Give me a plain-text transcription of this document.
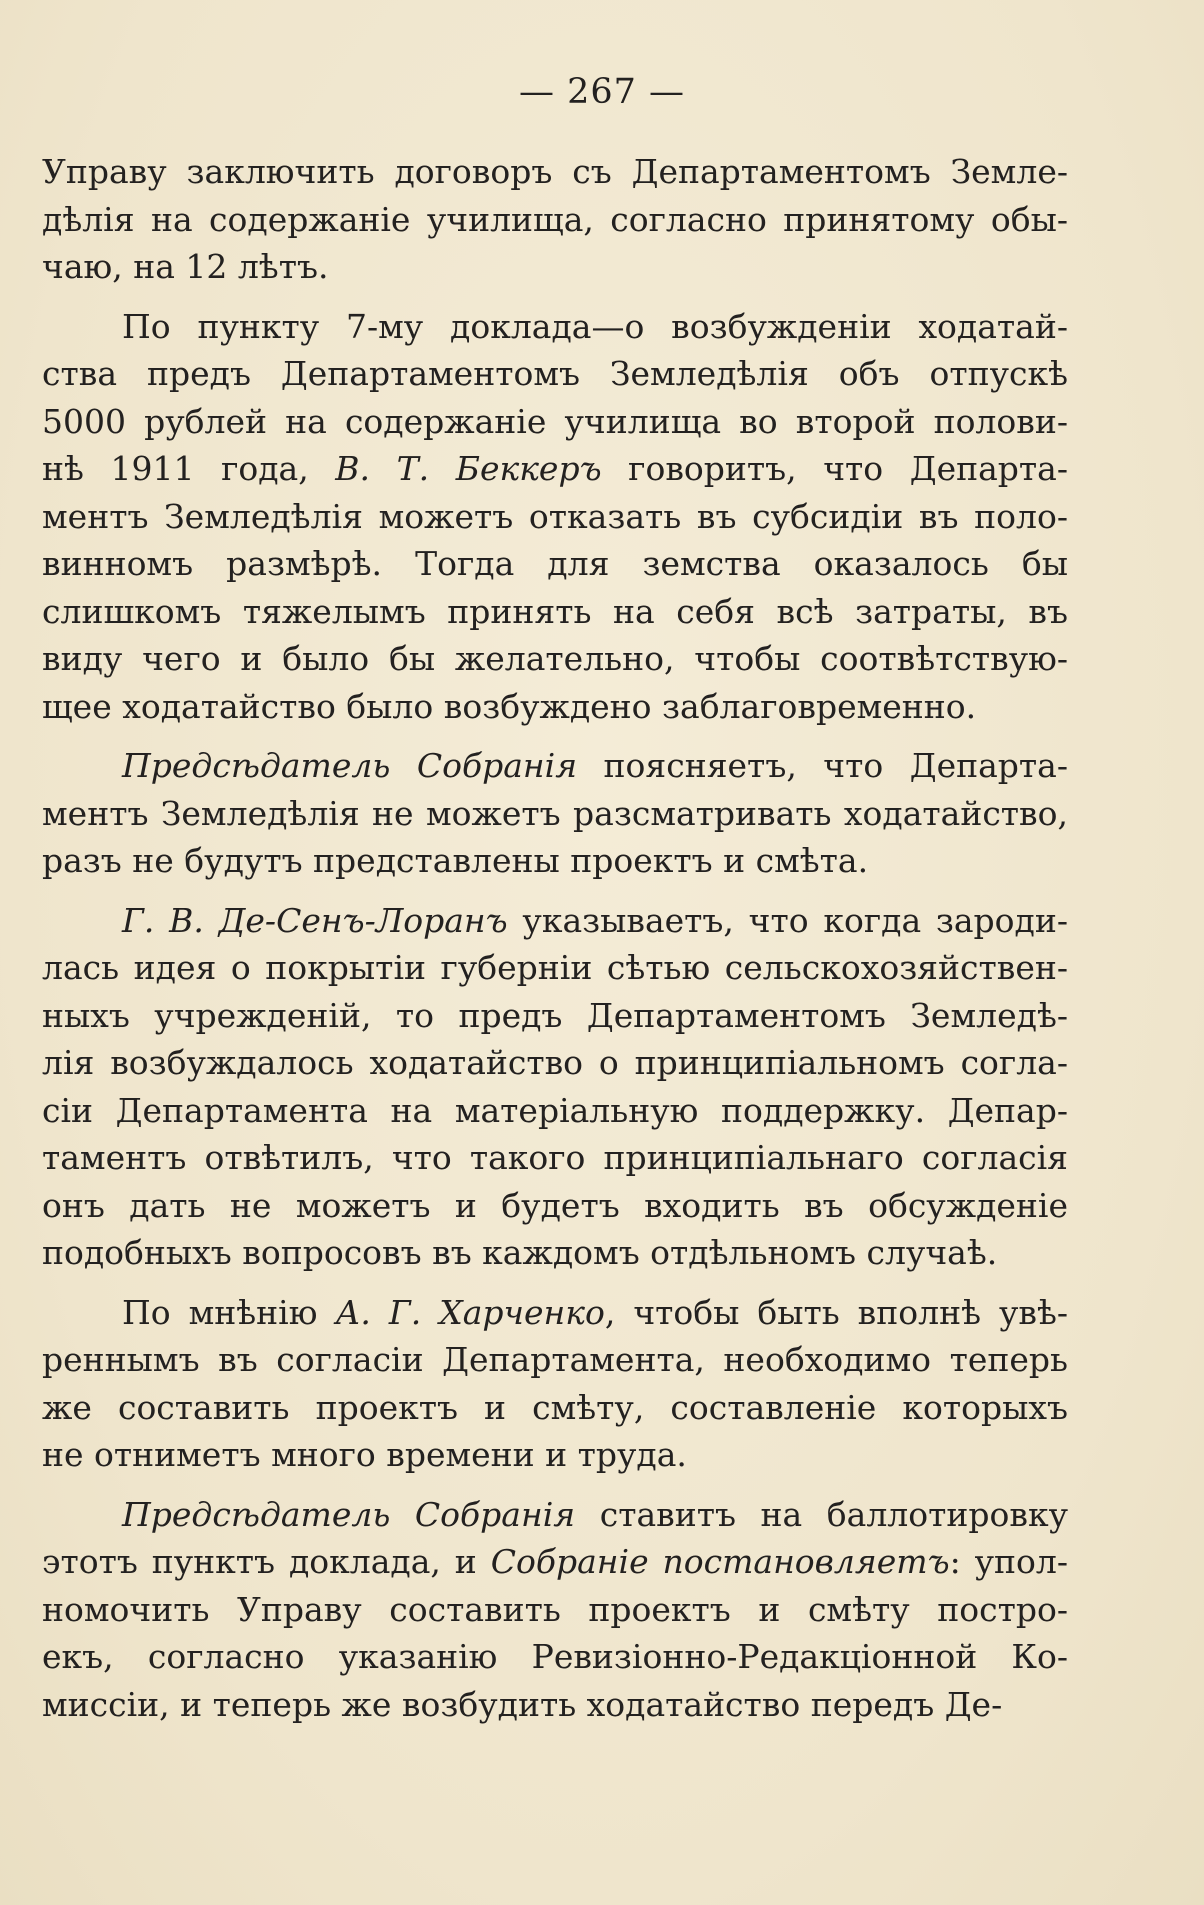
— 267 —
Управу заключить договоръ съ Департаментомъ Земле-
дѣлія на содержаніе училища, согласно принятому обы-
чаю, на 12 лѣтъ.
По пункту 7-му доклада—о возбужденіи ходатай-
ства предъ Департаментомъ Земледѣлія объ отпускѣ
5000 рублей на содержаніе училища во второй полови-
нѣ 1911 года, В. Т. Беккеръ говоритъ, что Департа-
ментъ Земледѣлія можетъ отказать въ субсидіи въ поло-
винномъ размѣрѣ. Тогда для земства оказалось бы
слишкомъ тяжелымъ принять на себя всѣ затраты, въ
виду чего и было бы желательно, чтобы соотвѣтствую-
щее ходатайство было возбуждено заблаговременно.
Предсѣдатель Собранія поясняетъ, что Департа-
ментъ Земледѣлія не можетъ разсматривать ходатайство,
разъ не будутъ представлены проектъ и смѣта.
Г. В. Де-Сенъ-Лоранъ указываетъ, что когда зароди-
лась идея о покрытіи губерніи сѣтью сельскохозяйствен-
ныхъ учрежденій, то предъ Департаментомъ Земледѣ-
лія возбуждалось ходатайство о принципіальномъ согла-
сіи Департамента на матеріальную поддержку. Депар-
таментъ отвѣтилъ, что такого принципіальнаго согласія
онъ дать не можетъ и будетъ входить въ обсужденіе
подобныхъ вопросовъ въ каждомъ отдѣльномъ случаѣ.
По мнѣнію А. Г. Харченко, чтобы быть вполнѣ увѣ-
реннымъ въ согласіи Департамента, необходимо теперь
же составить проектъ и смѣту, составленіе которыхъ
не отниметъ много времени и труда.
Предсѣдатель Собранія ставитъ на баллотировку
этотъ пунктъ доклада, и Собраніе постановляетъ: упол-
номочить Управу составить проектъ и смѣту постро-
екъ, согласно указанію Ревизіонно-Редакціонной Ко-
миссіи, и теперь же возбудить ходатайство передъ Де-
